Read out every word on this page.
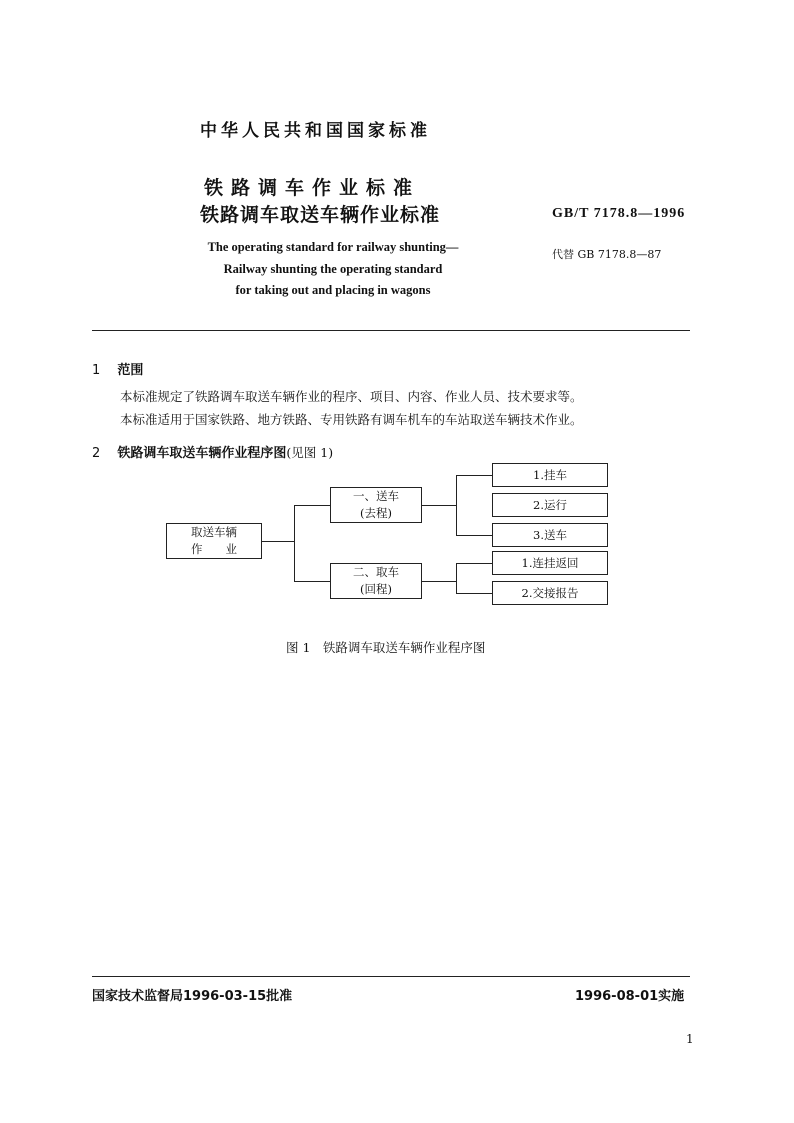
中华人民共和国国家标准
铁路调车作业标准
铁路调车取送车辆作业标准	GB/T 7178.8—1996
代替 GB 7178.8—87
The operating standard for railway shunting—
Railway shunting the operating standard
for taking out and placing in wagons
1 范围
本标准规定了铁路调车取送车辆作业的程序、项目、内容、作业人员、技术要求等。
本标准适用于国家铁路、地方铁路、专用铁路有调车机车的车站取送车辆技术作业。
2 铁路调车取送车辆作业程序图(见图 1)
取送车辆
作　　业
一、送车
(去程)
二、取车
(回程)
1.挂车
2.运行
3.送车
1.连挂返回
2.交接报告
图 1　铁路调车取送车辆作业程序图
国家技术监督局1996-03-15批准	1996-08-01实施
1
